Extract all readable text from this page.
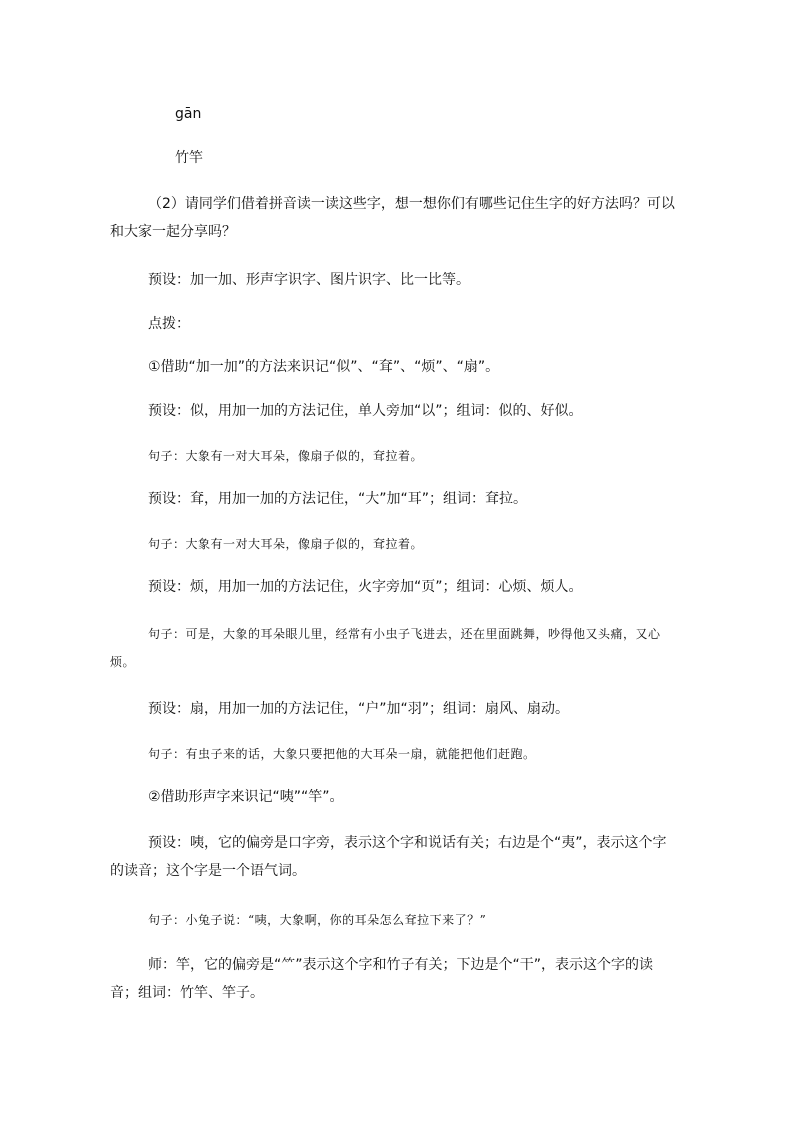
gān
竹竿
（2）请同学们借着拼音读一读这些字，想一想你们有哪些记住生字的好方法吗？可以和大家一起分享吗？
预设：加一加、形声字识字、图片识字、比一比等。
点拨：
①借助“加一加”的方法来识记“似”、“耷”、“烦”、“扇”。
预设：似，用加一加的方法记住，单人旁加“以”；组词：似的、好似。
句子：大象有一对大耳朵，像扇子似的，耷拉着。
预设：耷，用加一加的方法记住，“大”加“耳”；组词：耷拉。
句子：大象有一对大耳朵，像扇子似的，耷拉着。
预设：烦，用加一加的方法记住，火字旁加“页”；组词：心烦、烦人。
句子：可是，大象的耳朵眼儿里，经常有小虫子飞进去，还在里面跳舞，吵得他又头痛，又心烦。
预设：扇，用加一加的方法记住，“户”加“羽”；组词：扇风、扇动。
句子：有虫子来的话，大象只要把他的大耳朵一扇，就能把他们赶跑。
②借助形声字来识记“咦”“竿”。
预设：咦，它的偏旁是口字旁，表示这个字和说话有关；右边是个“夷”，表示这个字的读音；这个字是一个语气词。
句子：小兔子说：“咦，大象啊，你的耳朵怎么耷拉下来了？”
师：竿，它的偏旁是“⺮”表示这个字和竹子有关；下边是个“干”，表示这个字的读音；组词：竹竿、竿子。
